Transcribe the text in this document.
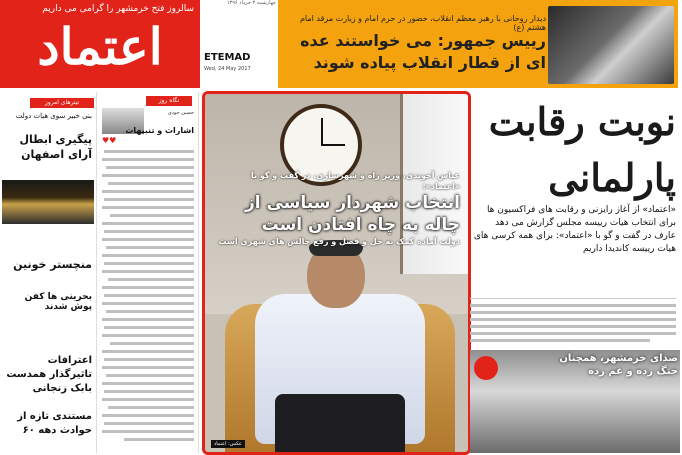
سالروز فتح خرمشهر را گرامی می داریم
اعتماد
چهارشنبه ۳ خرداد ۱۳۹۶
ETEMAD
Wed, 24 May 2017
دیدار روحانی با رهبر معظم انقلاب، حضور در حرم امام و زیارت مرقد امام هشتم (ع)
رییس جمهور: می خواستند عده ای از قطار انقلاب پیاده شوند
تیترهای امروز
بنی خبیر سوی هیات دولت
پیگیری ابطال آرای اصفهان
منچستر خونین
بحرینی ها کفن پوش شدند
اعترافات تاثیرگذار همدست بابک زنجانی
مستندی تازه از حوادث دهه ۶۰
نگاه روز
حسین جودی
اشارات و تنبیهات
♥♥
عباس آخوندی، وزیر راه و شهرسازی، در گفت و گو با «اعتماد»:
انتخاب شهردار سیاسی از چاله به چاه افتادن است
دولت آماده کمک به حل و فصل و رفع چالش های شهری است
عکس: اعتماد
نوبت رقابت پارلمانی
«اعتماد» از آغاز رایزنی و رقابت های فراکسیون ها برای انتخاب هیات رییسه مجلس گزارش می دهد
عارف در گفت و گو با «اعتماد»: برای همه کرسی های هیات رییسه کاندیدا داریم
صدای خرمشهر، همچنان جنگ زده و غم زده
